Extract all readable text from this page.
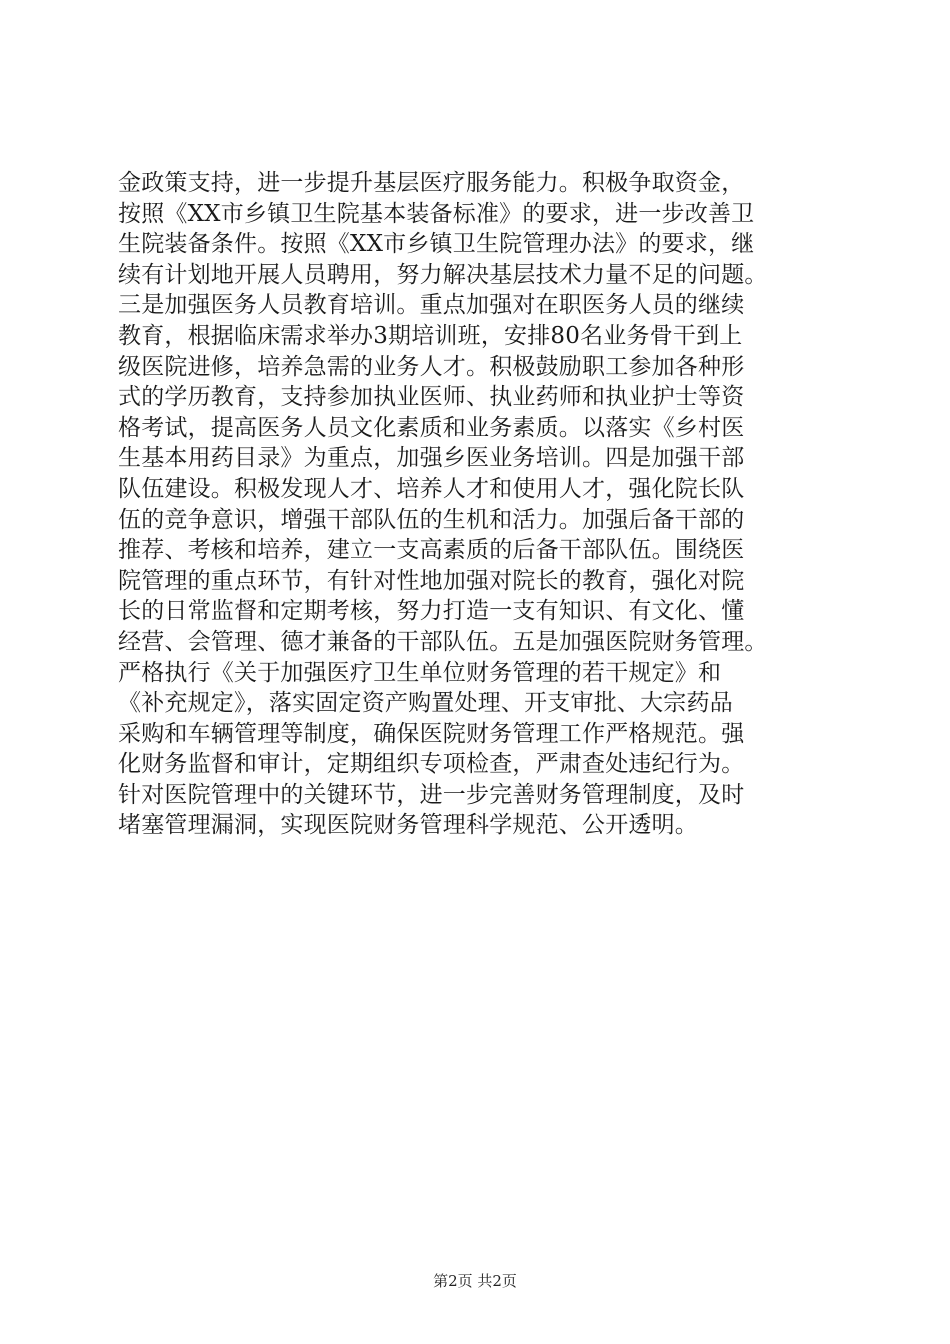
金政策支持，进一步提升基层医疗服务能力。积极争取资金，
按照《XX市乡镇卫生院基本装备标准》的要求，进一步改善卫
生院装备条件。按照《XX市乡镇卫生院管理办法》的要求，继
续有计划地开展人员聘用，努力解决基层技术力量不足的问题。
三是加强医务人员教育培训。重点加强对在职医务人员的继续
教育，根据临床需求举办3期培训班，安排80名业务骨干到上
级医院进修，培养急需的业务人才。积极鼓励职工参加各种形
式的学历教育，支持参加执业医师、执业药师和执业护士等资
格考试，提高医务人员文化素质和业务素质。以落实《乡村医
生基本用药目录》为重点，加强乡医业务培训。四是加强干部
队伍建设。积极发现人才、培养人才和使用人才，强化院长队
伍的竞争意识，增强干部队伍的生机和活力。加强后备干部的
推荐、考核和培养，建立一支高素质的后备干部队伍。围绕医
院管理的重点环节，有针对性地加强对院长的教育，强化对院
长的日常监督和定期考核，努力打造一支有知识、有文化、懂
经营、会管理、德才兼备的干部队伍。五是加强医院财务管理。
严格执行《关于加强医疗卫生单位财务管理的若干规定》和
《补充规定》，落实固定资产购置处理、开支审批、大宗药品
采购和车辆管理等制度，确保医院财务管理工作严格规范。强
化财务监督和审计，定期组织专项检查，严肃查处违纪行为。
针对医院管理中的关键环节，进一步完善财务管理制度，及时
堵塞管理漏洞，实现医院财务管理科学规范、公开透明。
第2页 共2页
